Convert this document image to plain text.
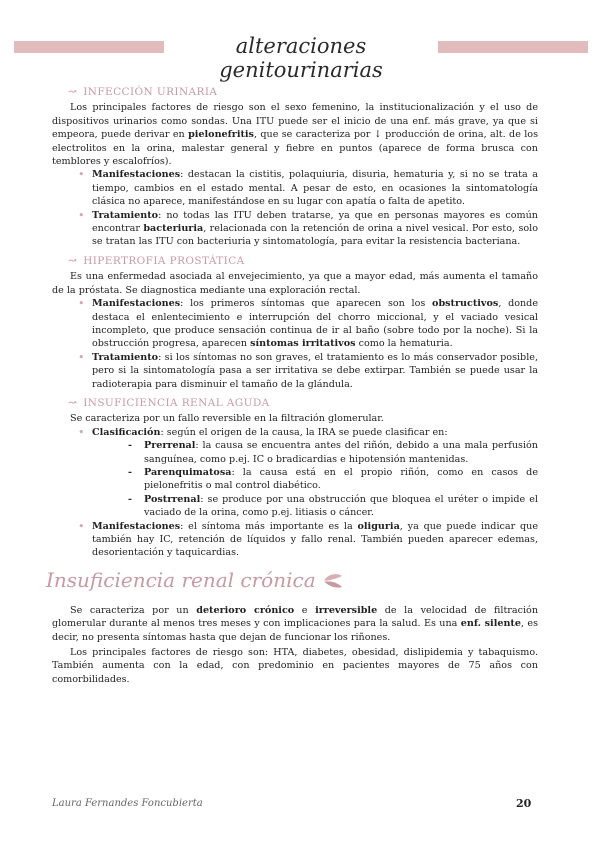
alteraciones genitourinarias
↝ INFECCIÓN URINARIA

Los principales factores de riesgo son el sexo femenino, la institucionalización y el uso de dispositivos urinarios como sondas. Una ITU puede ser el inicio de una enf. más grave, ya que si empeora, puede derivar en pielonefritis, que se caracteriza por ↓ producción de orina, alt. de los electrolitos en la orina, malestar general y fiebre en puntos (aparece de forma brusca con temblores y escalofríos).

• Manifestaciones: destacan la cistitis, polaquiuria, disuria, hematuria y, si no se trata a tiempo, cambios en el estado mental. A pesar de esto, en ocasiones la sintomatología clásica no aparece, manifestándose en su lugar con apatía o falta de apetito.
• Tratamiento: no todas las ITU deben tratarse, ya que en personas mayores es común encontrar bacteriuria, relacionada con la retención de orina a nivel vesical. Por esto, solo se tratan las ITU con bacteriuria y sintomatología, para evitar la resistencia bacteriana.
↝ HIPERTROFIA PROSTÁTICA

Es una enfermedad asociada al envejecimiento, ya que a mayor edad, más aumenta el tamaño de la próstata. Se diagnostica mediante una exploración rectal.

• Manifestaciones: los primeros síntomas que aparecen son los obstructivos, donde destaca el enlentecimiento e interrupción del chorro miccional, y el vaciado vesical incompleto, que produce sensación continua de ir al baño (sobre todo por la noche). Si la obstrucción progresa, aparecen síntomas irritativos como la hematuria.
• Tratamiento: si los síntomas no son graves, el tratamiento es lo más conservador posible, pero si la sintomatología pasa a ser irritativa se debe extirpar. También se puede usar la radioterapia para disminuir el tamaño de la glándula.
↝ INSUFICIENCIA RENAL AGUDA

Se caracteriza por un fallo reversible en la filtración glomerular.

• Clasificación: según el origen de la causa, la IRA se puede clasificar en:
- Prerrenal: la causa se encuentra antes del riñón, debido a una mala perfusión sanguínea, como p.ej. IC o bradicardias e hipotensión mantenidas.
- Parenquimatosa: la causa está en el propio riñón, como en casos de pielonefritis o mal control diabético.
- Postrrenal: se produce por una obstrucción que bloquea el uréter o impide el vaciado de la orina, como p.ej. litiasis o cáncer.
• Manifestaciones: el síntoma más importante es la oliguria, ya que puede indicar que también hay IC, retención de líquidos y fallo renal. También pueden aparecer edemas, desorientación y taquicardias.
Insuficiencia renal crónica

Se caracteriza por un deterioro crónico e irreversible de la velocidad de filtración glomerular durante al menos tres meses y con implicaciones para la salud. Es una enf. silente, es decir, no presenta síntomas hasta que dejan de funcionar los riñones.

Los principales factores de riesgo son: HTA, diabetes, obesidad, dislipidemia y tabaquismo. También aumenta con la edad, con predominio en pacientes mayores de 75 años con comorbilidades.

Laura Fernandes Foncubierta	20
